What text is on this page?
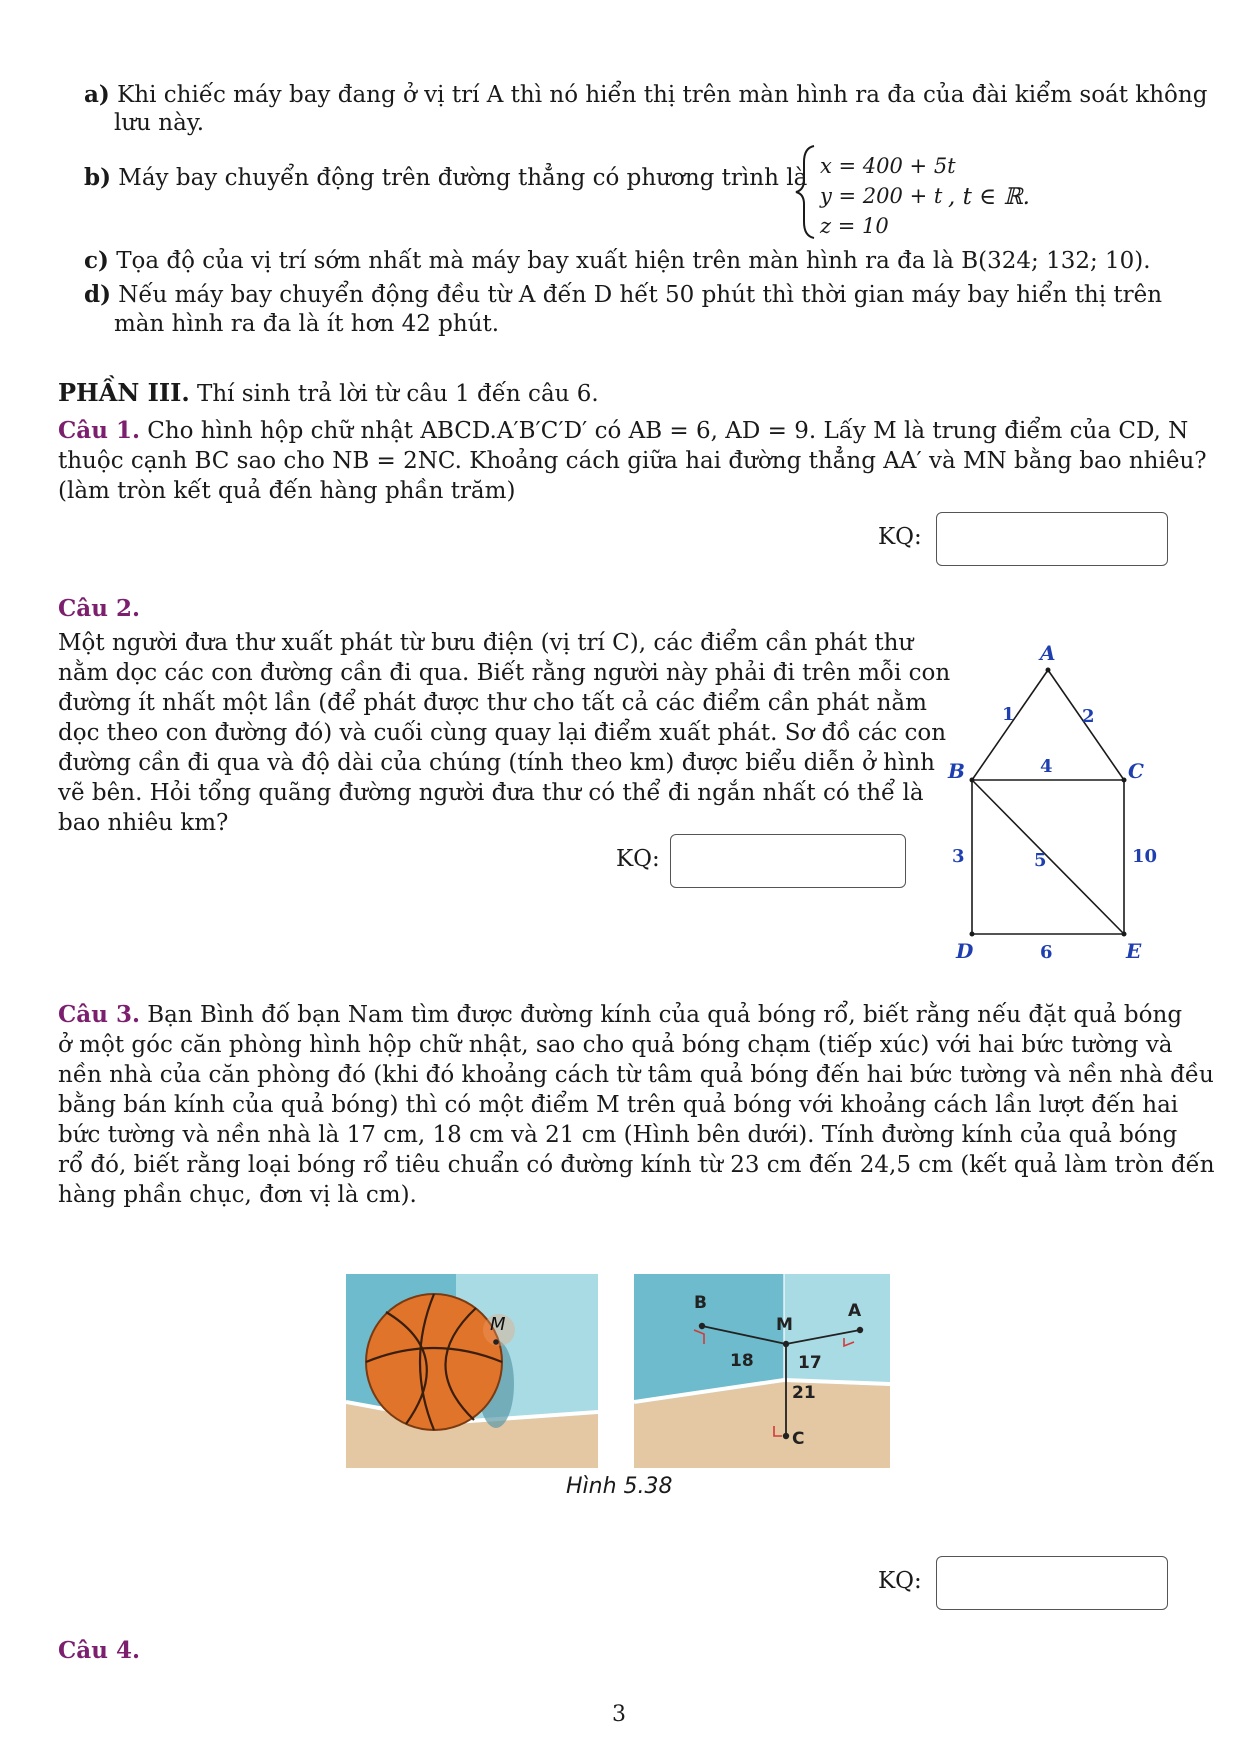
a) Khi chiếc máy bay đang ở vị trí A thì nó hiển thị trên màn hình ra đa của đài kiểm soát không
lưu này.
b) Máy bay chuyển động trên đường thẳng có phương trình là x = 400 + 5t
y = 200 + t
z = 10
, t ∈ ℝ.
c) Tọa độ của vị trí sớm nhất mà máy bay xuất hiện trên màn hình ra đa là B(324; 132; 10).
d) Nếu máy bay chuyển động đều từ A đến D hết 50 phút thì thời gian máy bay hiển thị trên
màn hình ra đa là ít hơn 42 phút.
PHẦN III. Thí sinh trả lời từ câu 1 đến câu 6.
Câu 1. Cho hình hộp chữ nhật ABCD.A′B′C′D′ có AB = 6, AD = 9. Lấy M là trung điểm của CD, N
thuộc cạnh BC sao cho NB = 2NC. Khoảng cách giữa hai đường thẳng AA′ và MN bằng bao nhiêu?
(làm tròn kết quả đến hàng phần trăm)
KQ:
Câu 2.
Một người đưa thư xuất phát từ bưu điện (vị trí C), các điểm cần phát thư
nằm dọc các con đường cần đi qua. Biết rằng người này phải đi trên mỗi con
đường ít nhất một lần (để phát được thư cho tất cả các điểm cần phát nằm
dọc theo con đường đó) và cuối cùng quay lại điểm xuất phát. Sơ đồ các con
đường cần đi qua và độ dài của chúng (tính theo km) được biểu diễn ở hình
vẽ bên. Hỏi tổng quãng đường người đưa thư có thể đi ngắn nhất có thể là
bao nhiêu km?
KQ:
A
B	C
D	E
1	2
4
3	5	10
6
Câu 3. Bạn Bình đố bạn Nam tìm được đường kính của quả bóng rổ, biết rằng nếu đặt quả bóng
ở một góc căn phòng hình hộp chữ nhật, sao cho quả bóng chạm (tiếp xúc) với hai bức tường và
nền nhà của căn phòng đó (khi đó khoảng cách từ tâm quả bóng đến hai bức tường và nền nhà đều
bằng bán kính của quả bóng) thì có một điểm M trên quả bóng với khoảng cách lần lượt đến hai
bức tường và nền nhà là 17 cm, 18 cm và 21 cm (Hình bên dưới). Tính đường kính của quả bóng
rổ đó, biết rằng loại bóng rổ tiêu chuẩn có đường kính từ 23 cm đến 24,5 cm (kết quả làm tròn đến
hàng phần chục, đơn vị là cm).
M
B	A
M
C
18	17
21
Hình 5.38
KQ:
Câu 4.
3
